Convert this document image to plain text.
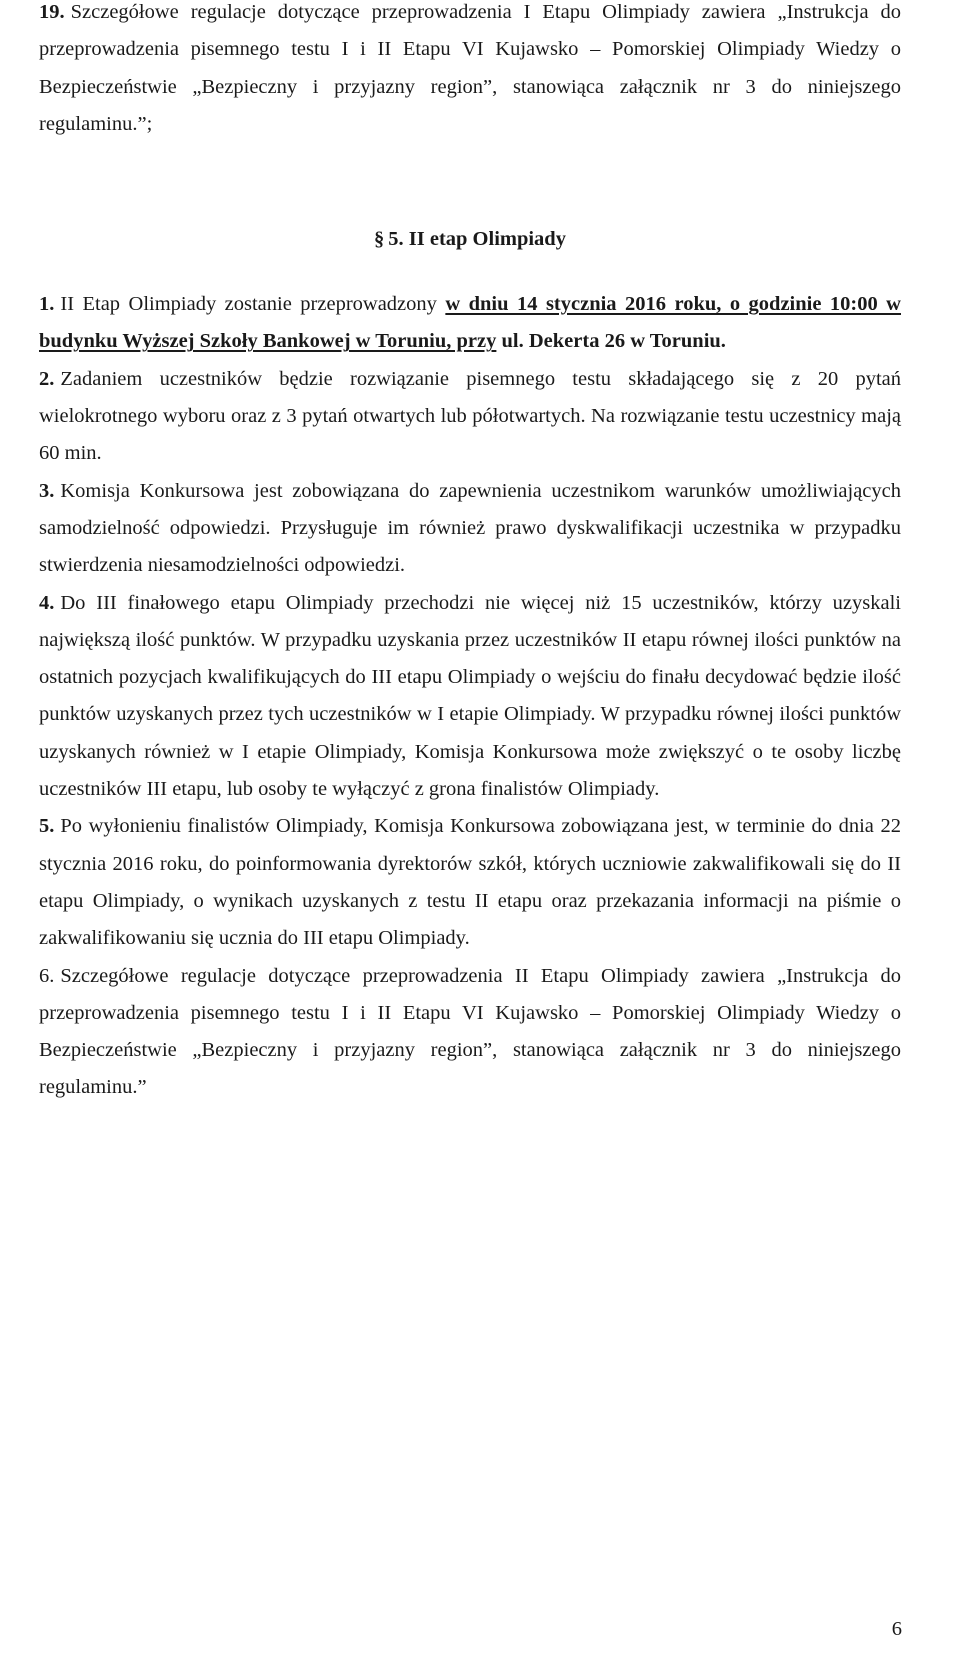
19. Szczegółowe regulacje dotyczące przeprowadzenia I Etapu Olimpiady zawiera „Instrukcja do przeprowadzenia pisemnego testu I i II Etapu VI Kujawsko – Pomorskiej Olimpiady Wiedzy o Bezpieczeństwie „Bezpieczny i przyjazny region”, stanowiąca załącznik nr 3 do niniejszego regulaminu.”;

§ 5. II etap Olimpiady

1. II Etap Olimpiady zostanie przeprowadzony w dniu 14 stycznia 2016 roku, o godzinie 10:00 w budynku Wyższej Szkoły Bankowej w Toruniu, przy ul. Dekerta 26 w Toruniu.

2. Zadaniem uczestników będzie rozwiązanie pisemnego testu składającego się z 20 pytań wielokrotnego wyboru oraz z 3 pytań otwartych lub półotwartych. Na rozwiązanie testu uczestnicy mają 60 min.

3. Komisja Konkursowa jest zobowiązana do zapewnienia uczestnikom warunków umożliwiających samodzielność odpowiedzi. Przysługuje im również prawo dyskwalifikacji uczestnika w przypadku stwierdzenia niesamodzielności odpowiedzi.

4. Do III finałowego etapu Olimpiady przechodzi nie więcej niż 15 uczestników, którzy uzyskali największą ilość punktów. W przypadku uzyskania przez uczestników II etapu równej ilości punktów na ostatnich pozycjach kwalifikujących do III etapu Olimpiady o wejściu do finału decydować będzie ilość punktów uzyskanych przez tych uczestników w I etapie Olimpiady. W przypadku równej ilości punktów uzyskanych również w I etapie Olimpiady, Komisja Konkursowa może zwiększyć o te osoby liczbę uczestników III etapu, lub osoby te wyłączyć z grona finalistów Olimpiady.

5. Po wyłonieniu finalistów Olimpiady, Komisja Konkursowa zobowiązana jest, w terminie do dnia 22 stycznia 2016 roku, do poinformowania dyrektorów szkół, których uczniowie zakwalifikowali się do II etapu Olimpiady, o wynikach uzyskanych z testu II etapu oraz przekazania informacji na piśmie o zakwalifikowaniu się ucznia do III etapu Olimpiady.

6. Szczegółowe regulacje dotyczące przeprowadzenia II Etapu Olimpiady zawiera „Instrukcja do przeprowadzenia pisemnego testu I i II Etapu VI Kujawsko – Pomorskiej Olimpiady Wiedzy o Bezpieczeństwie „Bezpieczny i przyjazny region”, stanowiąca załącznik nr 3 do niniejszego regulaminu.”

6
